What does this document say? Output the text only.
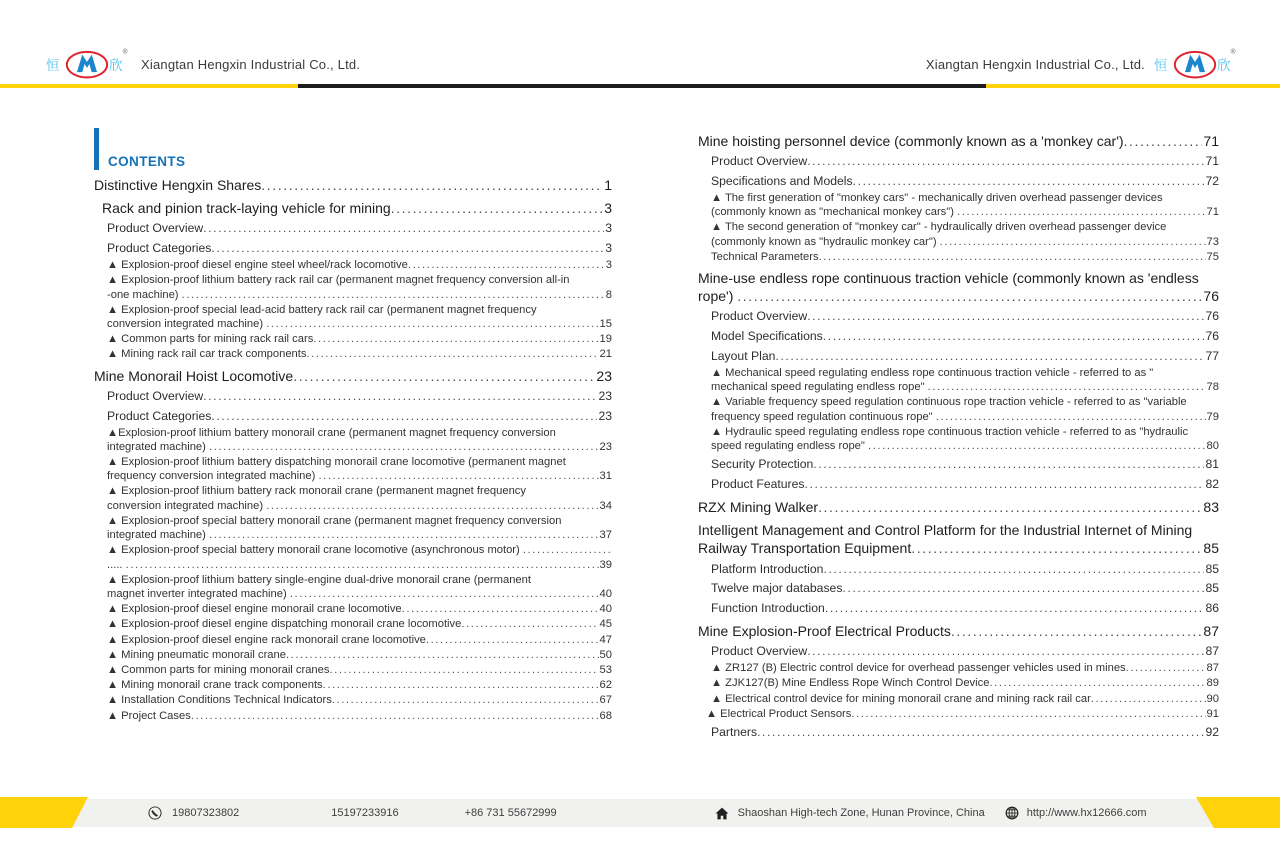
恒 欣
®
Xiangtan Hengxin Industrial Co., Ltd.	Xiangtan Hengxin Industrial Co., Ltd. 恒 欣
®
CONTENTS
Distinctive Hengxin Shares .....	1
Rack and pinion track-laying vehicle for mining .....	3
Product Overview .....	3
Product Categories .....	3
▲ Explosion-proof diesel engine steel wheel/rack locomotive .....	3
▲ Explosion-proof lithium battery rack rail car (permanent magnet frequency conversion all-in
-one machine) .....	8
▲ Explosion-proof special lead-acid battery rack rail car (permanent magnet frequency
conversion integrated machine) .....	15
▲ Common parts for mining rack rail cars .....	19
▲ Mining rack rail car track components .....	21
Mine Monorail Hoist Locomotive .....	23
Product Overview .....	23
Product Categories .....	23
▲Explosion-proof lithium battery monorail crane (permanent magnet frequency conversion
integrated machine) .....	23
▲ Explosion-proof lithium battery dispatching monorail crane locomotive (permanent magnet
frequency conversion integrated machine) .....	31
▲ Explosion-proof lithium battery rack monorail crane (permanent magnet frequency
conversion integrated machine) .....	34
▲ Explosion-proof special battery monorail crane (permanent magnet frequency conversion
integrated machine) .....	37
▲ Explosion-proof special battery monorail crane locomotive (asynchronous motor)
.....
..... .....	39
▲ Explosion-proof lithium battery single-engine dual-drive monorail crane (permanent
magnet inverter integrated machine) .....	40
▲ Explosion-proof diesel engine monorail crane locomotive .....	40
▲ Explosion-proof diesel engine dispatching monorail crane locomotive .....	45
▲ Explosion-proof diesel engine rack monorail crane locomotive .....	47
▲ Mining pneumatic monorail crane .....	50
▲ Common parts for mining monorail cranes .....	53
▲ Mining monorail crane track components .....	62
▲ Installation Conditions Technical Indicators .....	67
▲ Project Cases .....	68
Mine hoisting personnel device (commonly known as a 'monkey car') .....	71
Product Overview .....	71
Specifications and Models .....	72
▲ The first generation of "monkey cars" - mechanically driven overhead passenger devices
(commonly known as "mechanical monkey cars") .....	71
▲ The second generation of "monkey car" - hydraulically driven overhead passenger device
(commonly known as "hydraulic monkey car") .....	73
Technical Parameters .....	75
Mine-use endless rope continuous traction vehicle (commonly known as 'endless
rope') .....	76
Product Overview .....	76
Model Specifications .....	76
Layout Plan .....	77
▲ Mechanical speed regulating endless rope continuous traction vehicle - referred to as "
mechanical speed regulating endless rope" .....	78
▲ Variable frequency speed regulation continuous rope traction vehicle - referred to as "variable
frequency speed regulation continuous rope" .....	79
▲ Hydraulic speed regulating endless rope continuous traction vehicle - referred to as "hydraulic
speed regulating endless rope" .....	80
Security Protection .....	81
Product Features .....	82
RZX Mining Walker .....	83
Intelligent Management and Control Platform for the Industrial Internet of Mining
Railway Transportation Equipment .....	85
Platform Introduction .....	85
Twelve major databases .....	85
Function Introduction .....	86
Mine Explosion-Proof Electrical Products .....	87
Product Overview .....	87
▲ ZR127 (B) Electric control device for overhead passenger vehicles used in mines .....	87
▲ ZJK127(B) Mine Endless Rope Winch Control Device .....	89
▲ Electrical control device for mining monorail crane and mining rack rail car .....	90
▲ Electrical Product Sensors .....	91
Partners .....	92
19807323802	15197233916	+86 731 55672999	Shaoshan High-tech Zone, Hunan Province, China	http://www.hx12666.com
